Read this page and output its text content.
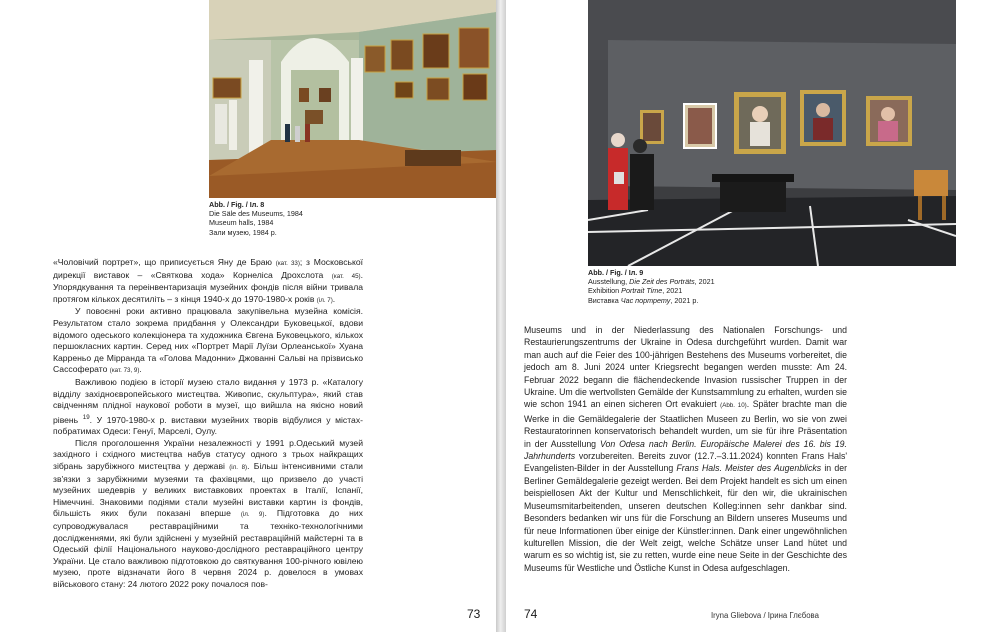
Abb. / Fig. / Іл. 8
Die Säle des Museums, 1984
Museum halls, 1984
Зали музею, 1984 р.

«Чоловічий портрет», що приписується Яну де Браю (кат. 33); з Московської дирекції виставок – «Святкова хода» Корнеліса Дрохслота (кат. 45). Упорядкування та переінвентаризація музейних фондів після війни тривала протягом кількох десятиліть – з кінця 1940-х до 1970-1980-х років (іл. 7).

У повоєнні роки активно працювала закупівельна музейна комісія. Результатом стало зокрема придбання у Олександри Буковецької, вдови відомого одеського колекціонера та художника Євгена Буковецького, кількох першокласних картин. Серед них «Портрет Марії Луїзи Орлеанської» Хуана Карреньо де Мірранда та «Голова Мадонни» Джованні Сальві на прізвисько Сассоферато (кат. 73, 9).

Важливою подією в історії музею стало видання у 1973 р. «Каталогу відділу західноєвропейського мистецтва. Живопис, скульптура», який став свідченням плідної наукової роботи в музеї, що вийшла на якісно новий рівень $^{19}$. У 1970-1980-х р. виставки музейних творів відбулися у містах-побратимах Одеси: Генуї, Марселі, Оулу.

Після проголошення України незалежності у 1991 р.Одеський музей західного і східного мистецтва набув статусу одного з трьох найкращих зібрань зарубіжного мистецтва у державі (іл. 8). Більш інтенсивними стали зв'язки з зарубіжними музеями та фахівцями, що призвело до участі музейних шедеврів у великих виставкових проектах в Італії, Іспанії, Німеччині. Знаковими подіями стали музейні виставки картин із фондів, більшість яких були показані вперше (іл. 9). Підготовка до них супроводжувалася реставраційними та техніко-технологічними дослідженнями, які були здійснені у музейній реставраційній майстерні та в Одеській філії Національного науково-дослідного реставраційного центру України. Це стало важливою підготовкою до святкування 100-річного ювілею музею, проте відзначати його 8 червня 2024 р. довелося в умовах військового стану: 24 лютого 2022 року почалося пов-

73
Abb. / Fig. / Іл. 9
Ausstellung, Die Zeit des Porträts, 2021
Exhibition Portrait Time, 2021
Виставка Час портрету, 2021 р.

Museums und in der Niederlassung des Nationalen Forschungs- und Restaurierungszentrums der Ukraine in Odesa durchgeführt wurden. Damit war man auch auf die Feier des 100-jährigen Bestehens des Museums vorbereitet, die jedoch am 8. Juni 2024 unter Kriegsrecht begangen werden musste: Am 24. Februar 2022 begann die flächendeckende Invasion russischer Truppen in der Ukraine. Um die wertvollsten Gemälde der Kunstsammlung zu erhalten, wurden sie wie schon 1941 an einen sicheren Ort evakuiert (Abb. 10). Später brachte man die Werke in die Gemäldegalerie der Staatlichen Museen zu Berlin, wo sie von zwei Restauratorinnen konservatorisch behandelt wurden, um sie für ihre Präsentation in der Ausstellung Von Odesa nach Berlin. Europäische Malerei des 16. bis 19. Jahrhunderts vorzubereiten. Bereits zuvor (12.7.–3.11.2024) konnten Frans Hals' Evangelisten-Bilder in der Ausstellung Frans Hals. Meister des Augenblicks in der Berliner Gemäldegalerie gezeigt werden. Bei dem Projekt handelt es sich um einen beispiellosen Akt der Kultur und Menschlichkeit, für den wir, die ukrainischen Museumsmitarbeitenden, unseren deutschen Kolleg:innen sehr dankbar sind. Besonders bedanken wir uns für die Forschung an Bildern unseres Museums und für neue Informationen über einige der Künstler:innen. Dank einer ungewöhnlichen kulturellen Mission, die der Welt zeigt, welche Schätze unser Land hütet und warum es so wichtig ist, sie zu retten, wurde eine neue Seite in der Geschichte des Museums für Westliche und Östliche Kunst in Odesa aufgeschlagen.

74	Iryna Gliebova / Ірина Глєбова
